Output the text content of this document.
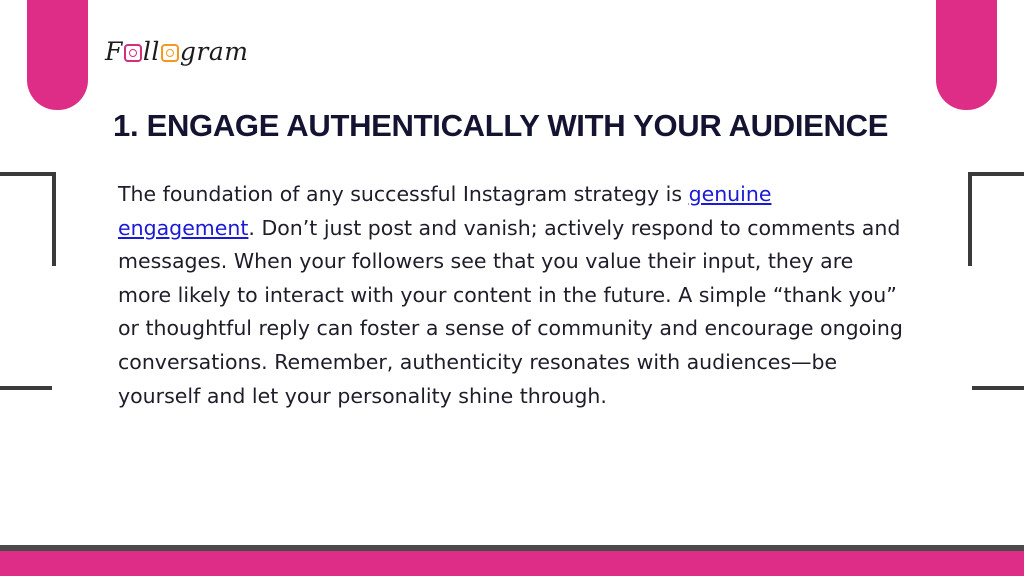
F ll gram
1. ENGAGE AUTHENTICALLY WITH YOUR AUDIENCE

The foundation of any successful Instagram strategy is genuine engagement. Don’t just post and vanish; actively respond to comments and messages. When your followers see that you value their input, they are more likely to interact with your content in the future. A simple “thank you” or thoughtful reply can foster a sense of community and encourage ongoing conversations. Remember, authenticity resonates with audiences—be yourself and let your personality shine through.
